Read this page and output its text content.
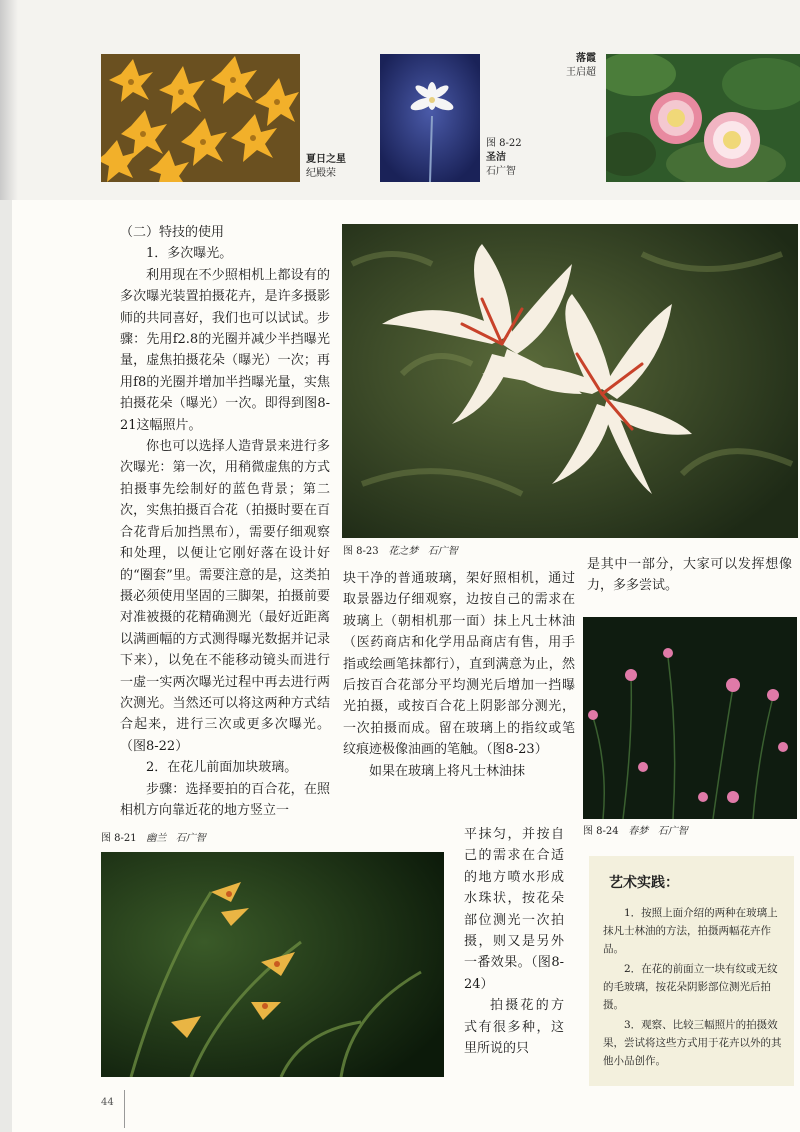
夏日之星
纪殿荣
图 8-22
圣洁
石广智
落霞
王启超

（二）特技的使用

1．多次曝光。

利用现在不少照相机上都设有的多次曝光装置拍摄花卉，是许多摄影师的共同喜好，我们也可以试试。步骤：先用f2.8的光圈并减少半挡曝光量，虚焦拍摄花朵（曝光）一次；再用f8的光圈并增加半挡曝光量，实焦拍摄花朵（曝光）一次。即得到图8-21这幅照片。

你也可以选择人造背景来进行多次曝光：第一次，用稍微虚焦的方式拍摄事先绘制好的蓝色背景；第二次，实焦拍摄百合花（拍摄时要在百合花背后加挡黑布），需要仔细观察和处理，以便让它刚好落在设计好的“圈套”里。需要注意的是，这类拍摄必须使用坚固的三脚架，拍摄前要对准被摄的花精确测光（最好近距离以满画幅的方式测得曝光数据并记录下来），以免在不能移动镜头而进行一虚一实两次曝光过程中再去进行两次测光。当然还可以将这两种方式结合起来，进行三次或更多次曝光。（图8-22）

2．在花儿前面加块玻璃。

步骤：选择要拍的百合花，在照相机方向靠近花的地方竖立一

图 8-23 花之梦 石广智

块干净的普通玻璃，架好照相机，通过取景器边仔细观察，边按自己的需求在玻璃上（朝相机那一面）抹上凡士林油（医药商店和化学用品商店有售，用手指或绘画笔抹都行），直到满意为止，然后按百合花部分平均测光后增加一挡曝光拍摄，或按百合花上阴影部分测光，一次拍摄而成。留在玻璃上的指纹或笔纹痕迹极像油画的笔触。（图8-23）

如果在玻璃上将凡士林油抹

平抹匀，并按自己的需求在合适的地方喷水形成水珠状，按花朵部位测光一次拍摄，则又是另外一番效果。（图8-24）

拍摄花的方式有很多种，这里所说的只

是其中一部分，大家可以发挥想像力，多多尝试。

图 8-21 幽兰 石广智
图 8-24 春梦 石广智
艺术实践：
1．按照上面介绍的两种在玻璃上抹凡士林油的方法，拍摄两幅花卉作品。
2．在花的前面立一块有纹或无纹的毛玻璃，按花朵阴影部位测光后拍摄。
3．观察、比较三幅照片的拍摄效果，尝试将这些方式用于花卉以外的其他小品创作。
44
